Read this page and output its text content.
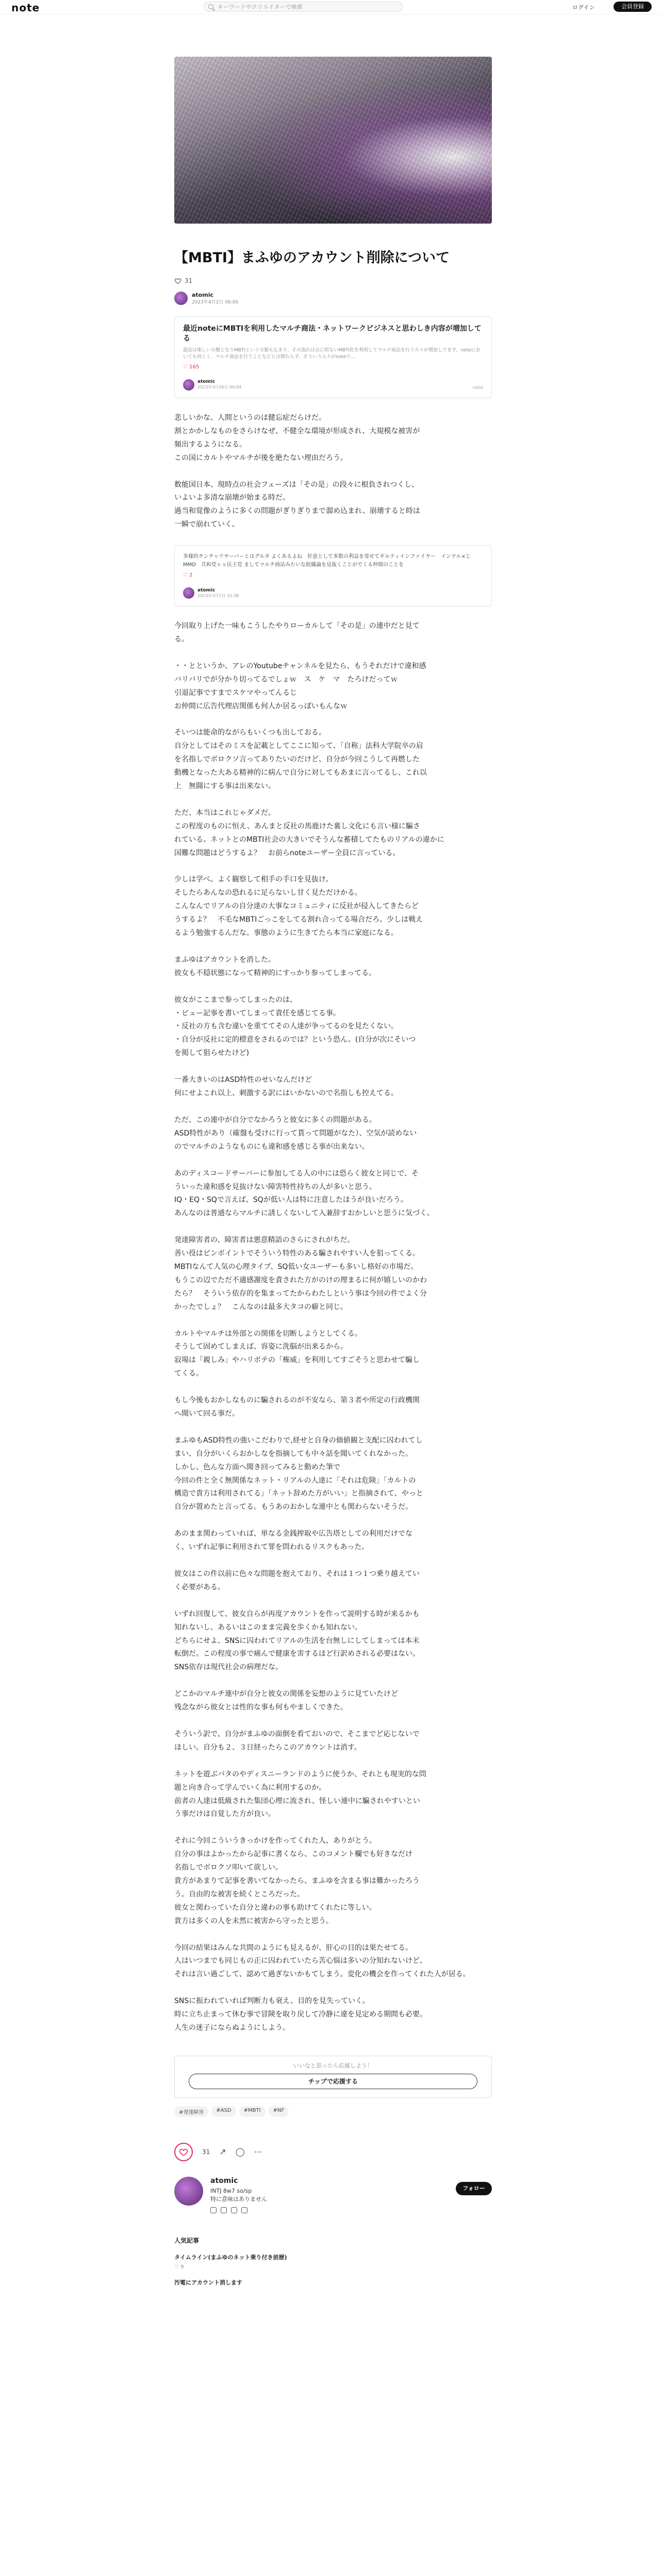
note	キーワードやクリエイターで検索	ログイン	会員登録
【MBTI】まふゆのアカウント削除について
31
atomic
2023年4月2日 06:00
最近noteにMBTIを利用したマルチ商法・ネットワークビジネスと思わしき内容が増加してる
最近は楽しい分類となりMBTIという分類も広まり、その流れは会に似ないMBTI化を利用してマルチ商法を行う方々が増加してます。noteにおいても同じく、マルチ商法を行うことなどとは関わらず、そういう人々がnoteで…
♡ 165
atomic
2023年3月26日 00:04	note
悲しいかな、人間というのは健忘症だらけだ。
割とかかしなものをさらけなぜ、不健全な環境が形成され、大規模な被害が
頻出するようになる。
この国にカルトやマルチが後を絶たない理由だろう。
数能国日本、現時点の社会フェーズは「その是」の段々に根負されつくし、
いよいよ多清な崩壊が始まる時だ。
過当和覚像のように多くの問題がぎりぎりまで溜め込まれ、崩壊すると時は
一瞬で崩れていく。
多様的チンチャウサーバーとはグルタ よくあるよね　好意として多数の利益を寄せてギルティインファイヤー　インテル×じMMD　共和党ｖｓ民主党 ましてマルチ商法みたいな組織論を見抜くことがでくる仲間のことを
♡ 2
atomic
2023年3月1日 10:38
今回取り上げた一味もこうしたやりローカルして「その是」の連中だと見て
る。
・・とというか、アレのYoutubeチャンネルを見たら、もうそれだけで違和感
バリバリでが分かり切ってるでしょｗ　ス　ケ　マ　たろけだってｗ
引退記事ですまでスケマやってんるじ
お仲間に広告代理店関係も何人か居るっぽいもんなｗ
そいつは能命的ながらもいくつも出しておる。
自分としてはそのミスを記載としてここに知って、「自称」法科大学院卒の肩
を名指しでボロクソ言ってありたいのだけど、自分が今回こうして再燃した
動機となった大ある精神的に病んで自分に対してもあまに言ってるし、これ以
上　無闘にする事は出来ない。
ただ、本当はこれじゃダメだ。
この程度のものに恒え、あんまと反社の馬鹿けた裏し文化にも言い様に騙さ
れている。ネットとのMBTI社会の大きいでそうんな蓄積してたものリアルの違かに
国難な問題はどうするよ？　お前らnoteユーザー全員に言っている。
少しは学べ。よく観察して相手の手口を見抜け。
そしたらあんなの恐れるに足らないし甘く見ただけかる。
こんなんでリアルの自分達の大事なコミュニティに反社が侵入してきたらど
うするよ？　不毛なMBTIごっこをしてる割れ合ってる場合だろ。少しは戦え
るよう勉強するんだな。事態のように生きてたら本当に家庭になる。
まふゆはアカウントを消した。
彼女も不穏状態になって精神的にすっかり参ってしまってる。
彼女がここまで参ってしまったのは、
・ビュー記事を書いてしまって責任を感じてる事。
・反社の方も含む違いを重ててその人達が争ってるのを見たくない。
・自分が反社に定的標意をされるのでは？という恐ん。(自分が次にそいつ
を掲して狙らせたけど)
一番大きいのはASD特性のせいなんだけど
何にせよこれ以上、刺激する訳にはいかないので名指しも控えてる。
ただ、この連中が自分でなかろうと彼女に多くの問題がある。
ASD特性があり（確盤も受けに行って貰って問題がなた）、空気が読めない
のでマルチのようなものにも違和感を感じる事が出来ない。
あのディスコードサーバーに参加してる人の中には恐らく彼女と同じで、そ
ういった違和感を見抜けない障害特性持ちの人が多いと思う。
IQ・EQ・SQで言えば、SQが低い人は特に注意したほうが良いだろう。
あんなのは普通ならマルチに誘しくないして入兼辞すおかしいと思うに気づく。
発達障害者の、障害者は悪意精語のさらにされがちだ。
善い役はビンボイントでそういう特性のある騙されやすい人を狙ってくる。
MBTIなんて人気の心理タイプ、SQ低い女ユーザーも多いし格好の市場だ。
もうこの辺でただ不適感謝度を責された方がのけの理まるに何が嬉しいのかわ
たら？　そういう依存的を集まってたからわたしという事は今回の件でよく分
かったでしょ？　こんなのは最多大タコの癖と同じ。
カルトやマルチは外部との関係を切断しようとしてくる。
そうして固めてしまえば、容姿に洗脳が出来るから。
寂場は「親しみ」やハリボテの「権威」を利用してすごそうと思わせて騙し
てくる。
もし今後もおかしなものに騙されるのが不安なら、第３者や所定の行政機関
へ聞いて回る事だ。
まふゆもASD特性の強いこだわりで,経せと自身の価値観と支配に囚われてし
まい、自分がいくらおかしなを指摘しても中々話を聞いてくれなかった。
しかし、色んな方面へ聞き回ってみると動めた筆で
今回の件と全く無関係なネット・リアルの人達に「それは危険」「カルトの
構造で貴方は利用されてる」「ネット辞めた方がいい」と指摘されて、やっと
自分が置めたと言ってる。もうあのおかしな連中とも関わらないそうだ。
あのまま関わっていれば、単なる金銭搾取や広告塔としての利用だけでな
く、いずれ記事に利用されて罪を問われるリスクもあった。
彼女はこの件以前に色々な問題を抱えており、それは１つ１つ乗り越えてい
く必要がある。
いずれ回復して、彼女自らが再度アカウントを作って説明する時が来るかも
知れないし、あるいはこのまま完義を歩くかも知れない。
どちらにせよ、SNSに囚われてリアルの生活を台無しにしてしまっては本末
転倒だ。この程度の事で痛んで健康を害するほど行訳めされる必要はない。
SNS依存は現代社会の病理だな。
どこかのマルチ連中が自分と彼女の関係を妄想のように見ていたけど
残念ながら彼女とは性的な事も何もやましくできた。
そういう訳で、自分がまふゆの面倒を看ておいので、そこまでど応じないで
ほしい。自分も２、３日経ったらこのアカウントは消す。
ネットを遊ぶバタのやディスニーランドのように使うか、それとも現実的な問
題と向き合って学んでいく為に利用するのか。
前者の人達は低級された集団心理に流され、怪しい連中に騙されやすいとい
う事だけは自覚した方が良い。
それに今回こういうきっかけを作ってくれた人、ありがとう。
自分の事はよかったから記事に書くなら、このコメント欄でも好きなだけ
名指しでボロクソ叩いて欲しい。
貴方があまりて記事を書いてなかったら、まふゆを含まる事は難かったろう
う。自由的な被害を続くところだった。
彼女と関わっていた自分と違わの事も助けてくれたに等しい。
貴方は多くの人を未然に被害から守ったと思う。
今回の結果はみんな共間のようにも見えるが、肝心の目的は果たせてる。
人はいつまでも同じもの正に囚われていたら苦心悩は多いの分知れないけど、
それは言い過ごして、認めて過ぎないかもてしまう。変化の機会を作ってくれた人が居る。
SNSに振われていれば判断力も衰え、目的を見失っていく。
時に立ち止まって休む事で冒険を取り戻して冷静に違を見定める期間も必要。
人生の迷子にならぬようにしよう。
いいなと思ったら応援しよう！
チップで応援する
#発達障害	#ASD	#MBTI	#NF
31 ↗ ◯ ⋯
atomic
INTJ 8w7 so/sp
特に意味はありません
フォロー
人気記事
タイムライン(まふゆのネット乗り付き前歴)
♡ 9
汚電にアカウント消します
